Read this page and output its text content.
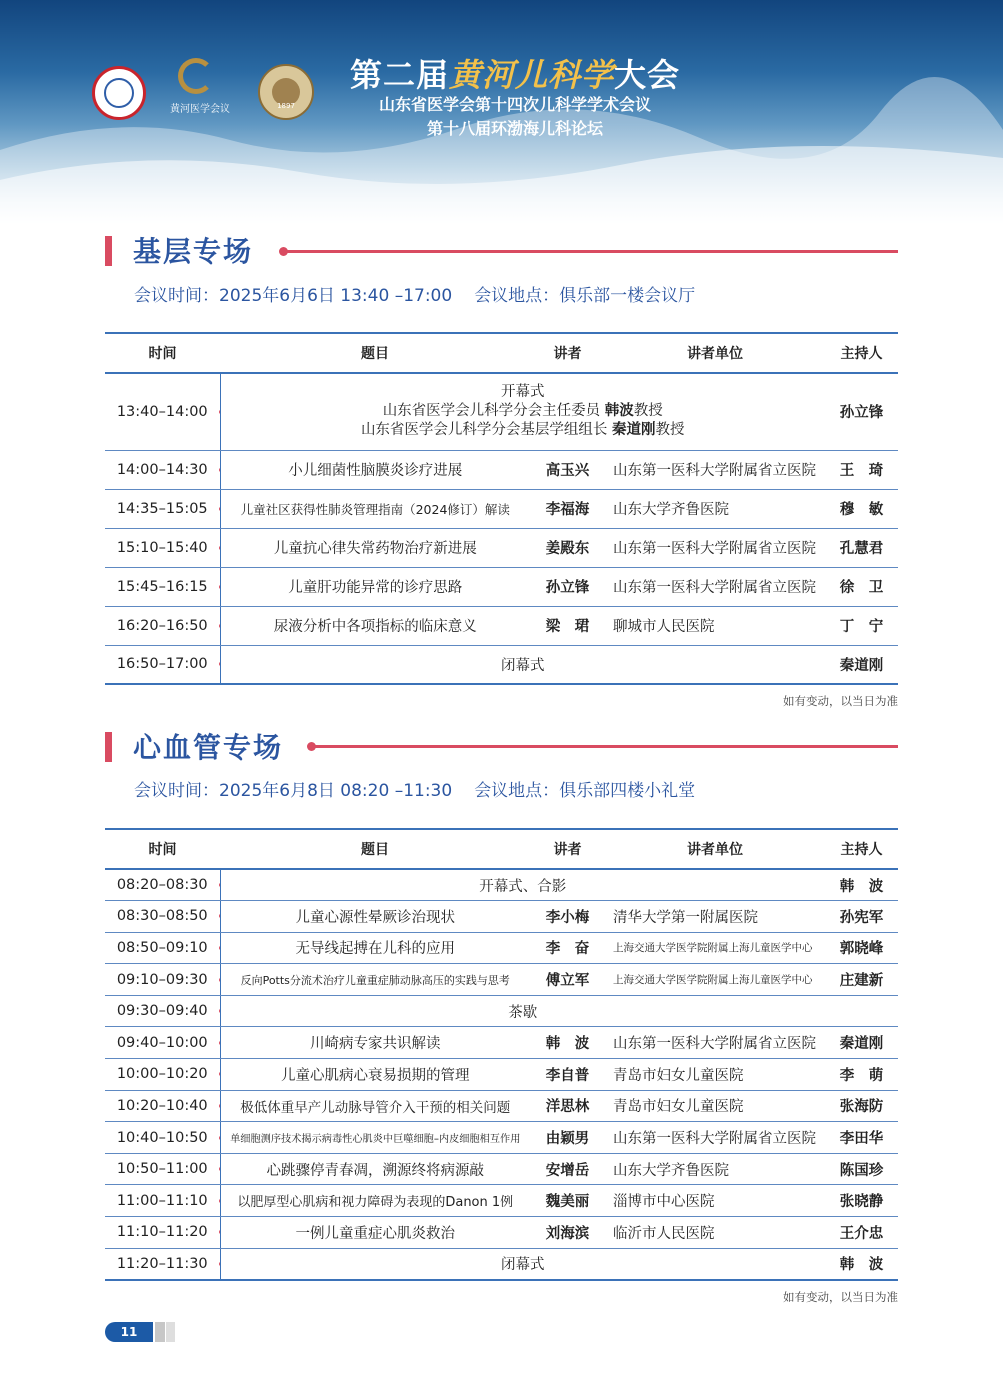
黄河医学会议	1897
第二届黄河儿科学大会
山东省医学会第十四次儿科学学术会议
第十八届环渤海儿科论坛
基层专场
会议时间：2025年6月6日 13:40 –17:00 会议地点：俱乐部一楼会议厅
时间	题目	讲者	讲者单位	主持人
13:40–14:00	开幕式
山东省医学会儿科学分会主任委员 韩波教授
山东省医学会儿科学分会基层学组组长 秦道刚教授			孙立锋
14:00–14:30	小儿细菌性脑膜炎诊疗进展	高玉兴	山东第一医科大学附属省立医院	王　琦
14:35–15:05	儿童社区获得性肺炎管理指南（2024修订）解读	李福海	山东大学齐鲁医院	穆　敏
15:10–15:40	儿童抗心律失常药物治疗新进展	姜殿东	山东第一医科大学附属省立医院	孔慧君
15:45–16:15	儿童肝功能异常的诊疗思路	孙立锋	山东第一医科大学附属省立医院	徐　卫
16:20–16:50	尿液分析中各项指标的临床意义	梁　珺	聊城市人民医院	丁　宁
16:50–17:00	闭幕式			秦道刚
如有变动，以当日为准
心血管专场
会议时间：2025年6月8日 08:20 –11:30 会议地点：俱乐部四楼小礼堂
时间	题目	讲者	讲者单位	主持人
08:20–08:30	开幕式、合影			韩　波
08:30–08:50	儿童心源性晕厥诊治现状	李小梅	清华大学第一附属医院	孙宪军
08:50–09:10	无导线起搏在儿科的应用	李　奋	上海交通大学医学院附属上海儿童医学中心	郭晓峰
09:10–09:30	反向Potts分流术治疗儿童重症肺动脉高压的实践与思考	傅立军	上海交通大学医学院附属上海儿童医学中心	庄建新
09:30–09:40	茶歇			
09:40–10:00	川崎病专家共识解读	韩　波	山东第一医科大学附属省立医院	秦道刚
10:00–10:20	儿童心肌病心衰易损期的管理	李自普	青岛市妇女儿童医院	李　萌
10:20–10:40	极低体重早产儿动脉导管介入干预的相关问题	洋思林	青岛市妇女儿童医院	张海防
10:40–10:50	单细胞测序技术揭示病毒性心肌炎中巨噬细胞–内皮细胞相互作用	由颖男	山东第一医科大学附属省立医院	李田华
10:50–11:00	心跳骤停青春凋，溯源终将病源敲	安增岳	山东大学齐鲁医院	陈国珍
11:00–11:10	以肥厚型心肌病和视力障碍为表现的Danon 1例	魏美丽	淄博市中心医院	张晓静
11:10–11:20	一例儿童重症心肌炎救治	刘海滨	临沂市人民医院	王介忠
11:20–11:30	闭幕式			韩　波
如有变动，以当日为准
11
